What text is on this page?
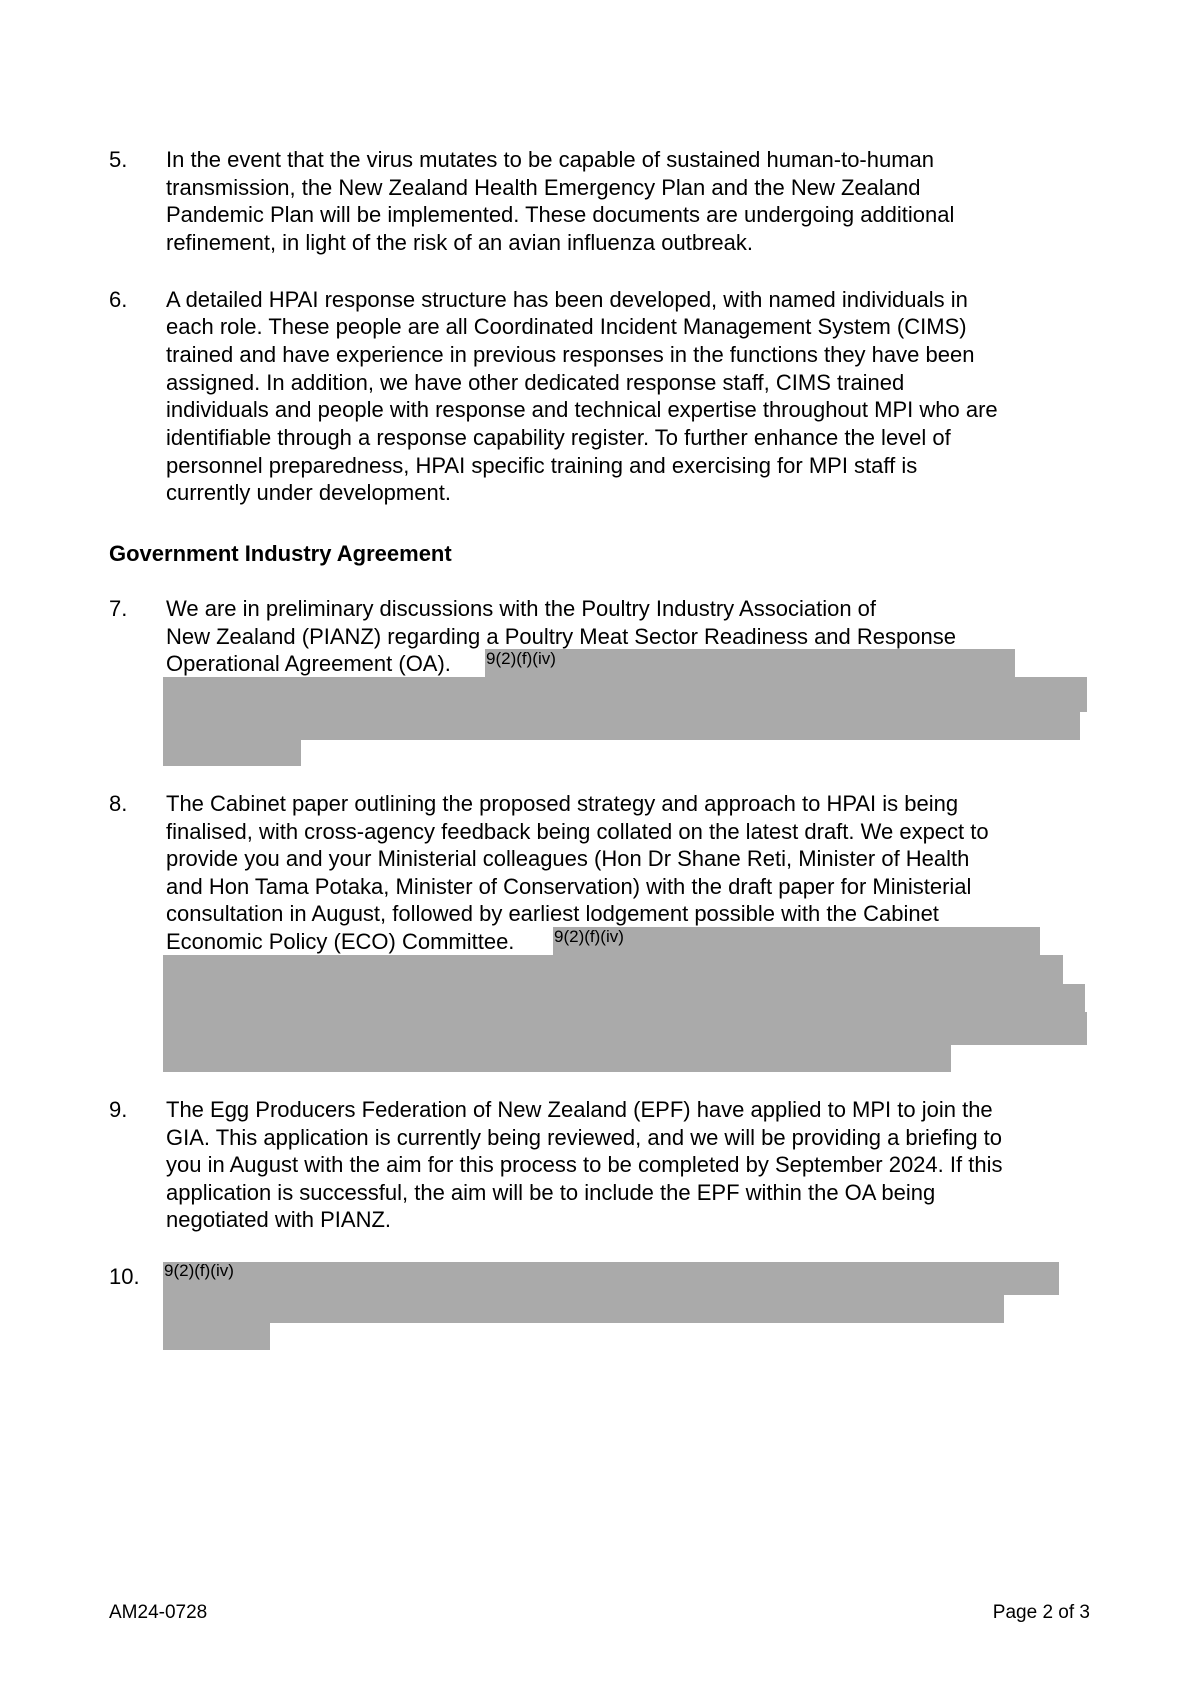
5. In the event that the virus mutates to be capable of sustained human-to-human
transmission, the New Zealand Health Emergency Plan and the New Zealand
Pandemic Plan will be implemented. These documents are undergoing additional
refinement, in light of the risk of an avian influenza outbreak.
6. A detailed HPAI response structure has been developed, with named individuals in
each role. These people are all Coordinated Incident Management System (CIMS)
trained and have experience in previous responses in the functions they have been
assigned. In addition, we have other dedicated response staff, CIMS trained
individuals and people with response and technical expertise throughout MPI who are
identifiable through a response capability register. To further enhance the level of
personnel preparedness, HPAI specific training and exercising for MPI staff is
currently under development.
Government Industry Agreement
7. We are in preliminary discussions with the Poultry Industry Association of
New Zealand (PIANZ) regarding a Poultry Meat Sector Readiness and Response
Operational Agreement (OA). 9(2)(f)(iv)
8. The Cabinet paper outlining the proposed strategy and approach to HPAI is being
finalised, with cross-agency feedback being collated on the latest draft. We expect to
provide you and your Ministerial colleagues (Hon Dr Shane Reti, Minister of Health
and Hon Tama Potaka, Minister of Conservation) with the draft paper for Ministerial
consultation in August, followed by earliest lodgement possible with the Cabinet
Economic Policy (ECO) Committee. 9(2)(f)(iv)
9. The Egg Producers Federation of New Zealand (EPF) have applied to MPI to join the
GIA. This application is currently being reviewed, and we will be providing a briefing to
you in August with the aim for this process to be completed by September 2024. If this
application is successful, the aim will be to include the EPF within the OA being
negotiated with PIANZ.
10. 9(2)(f)(iv)
AM24-0728	Page 2 of 3
